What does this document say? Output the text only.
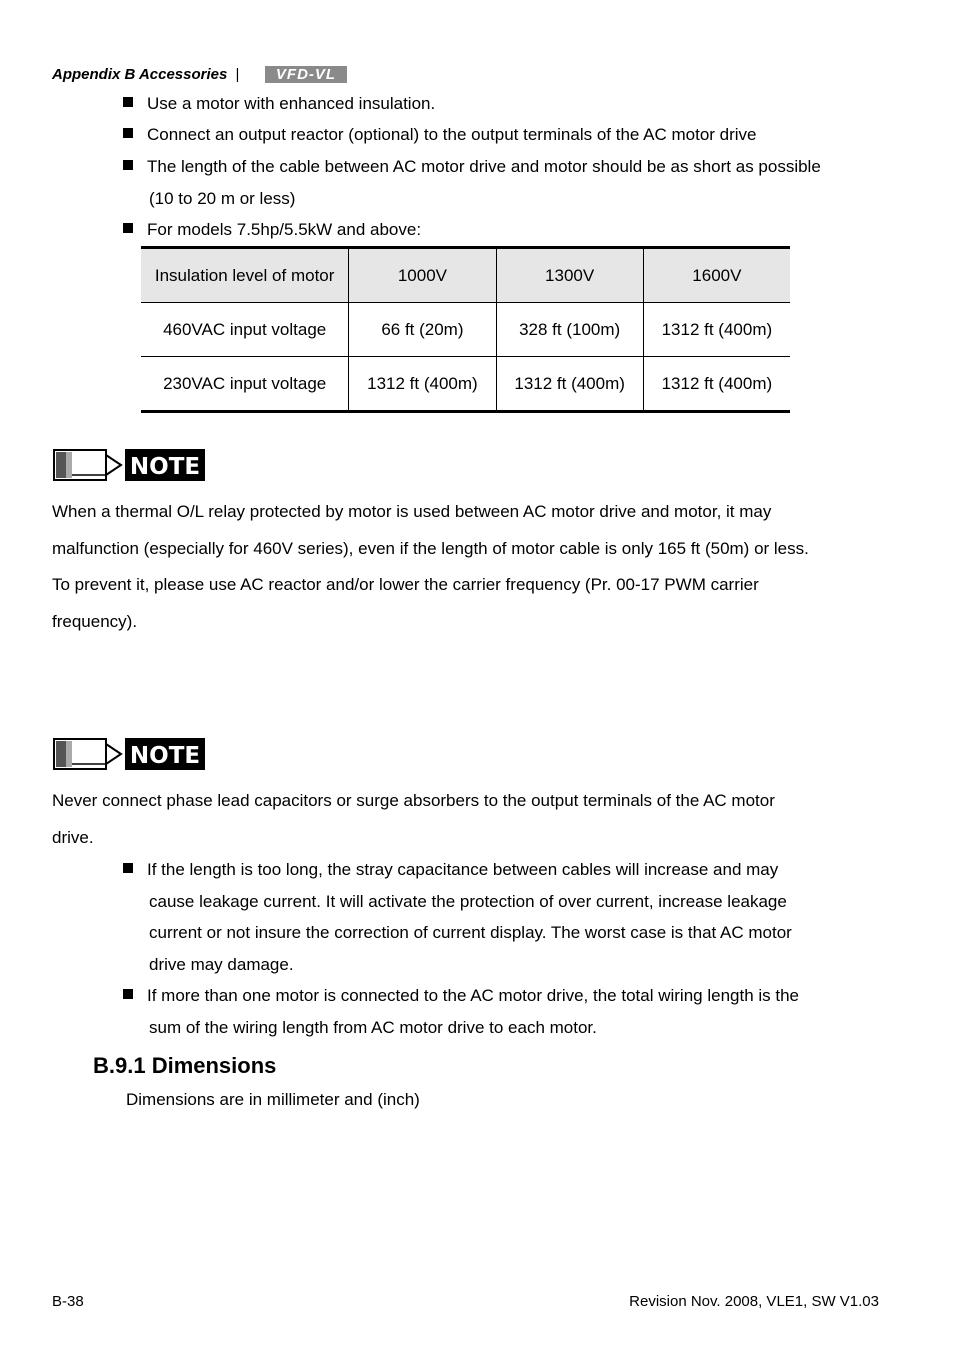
Appendix B Accessories |	VFD-VL
Use a motor with enhanced insulation.
Connect an output reactor (optional) to the output terminals of the AC motor drive
The length of the cable between AC motor drive and motor should be as short as possible
(10 to 20 m or less)
For models 7.5hp/5.5kW and above:
Insulation level of motor	1000V	1300V	1600V
460VAC input voltage	66 ft (20m)	328 ft (100m)	1312 ft (400m)
230VAC input voltage	1312 ft (400m)	1312 ft (400m)	1312 ft (400m)
NOTE
When a thermal O/L relay protected by motor is used between AC motor drive and motor, it may
malfunction (especially for 460V series), even if the length of motor cable is only 165 ft (50m) or less.
To prevent it, please use AC reactor and/or lower the carrier frequency (Pr. 00-17 PWM carrier
frequency).
NOTE
Never connect phase lead capacitors or surge absorbers to the output terminals of the AC motor
drive.
If the length is too long, the stray capacitance between cables will increase and may
cause leakage current. It will activate the protection of over current, increase leakage
current or not insure the correction of current display. The worst case is that AC motor
drive may damage.
If more than one motor is connected to the AC motor drive, the total wiring length is the
sum of the wiring length from AC motor drive to each motor.
B.9.1 Dimensions
Dimensions are in millimeter and (inch)
B-38	Revision Nov. 2008, VLE1, SW V1.03
